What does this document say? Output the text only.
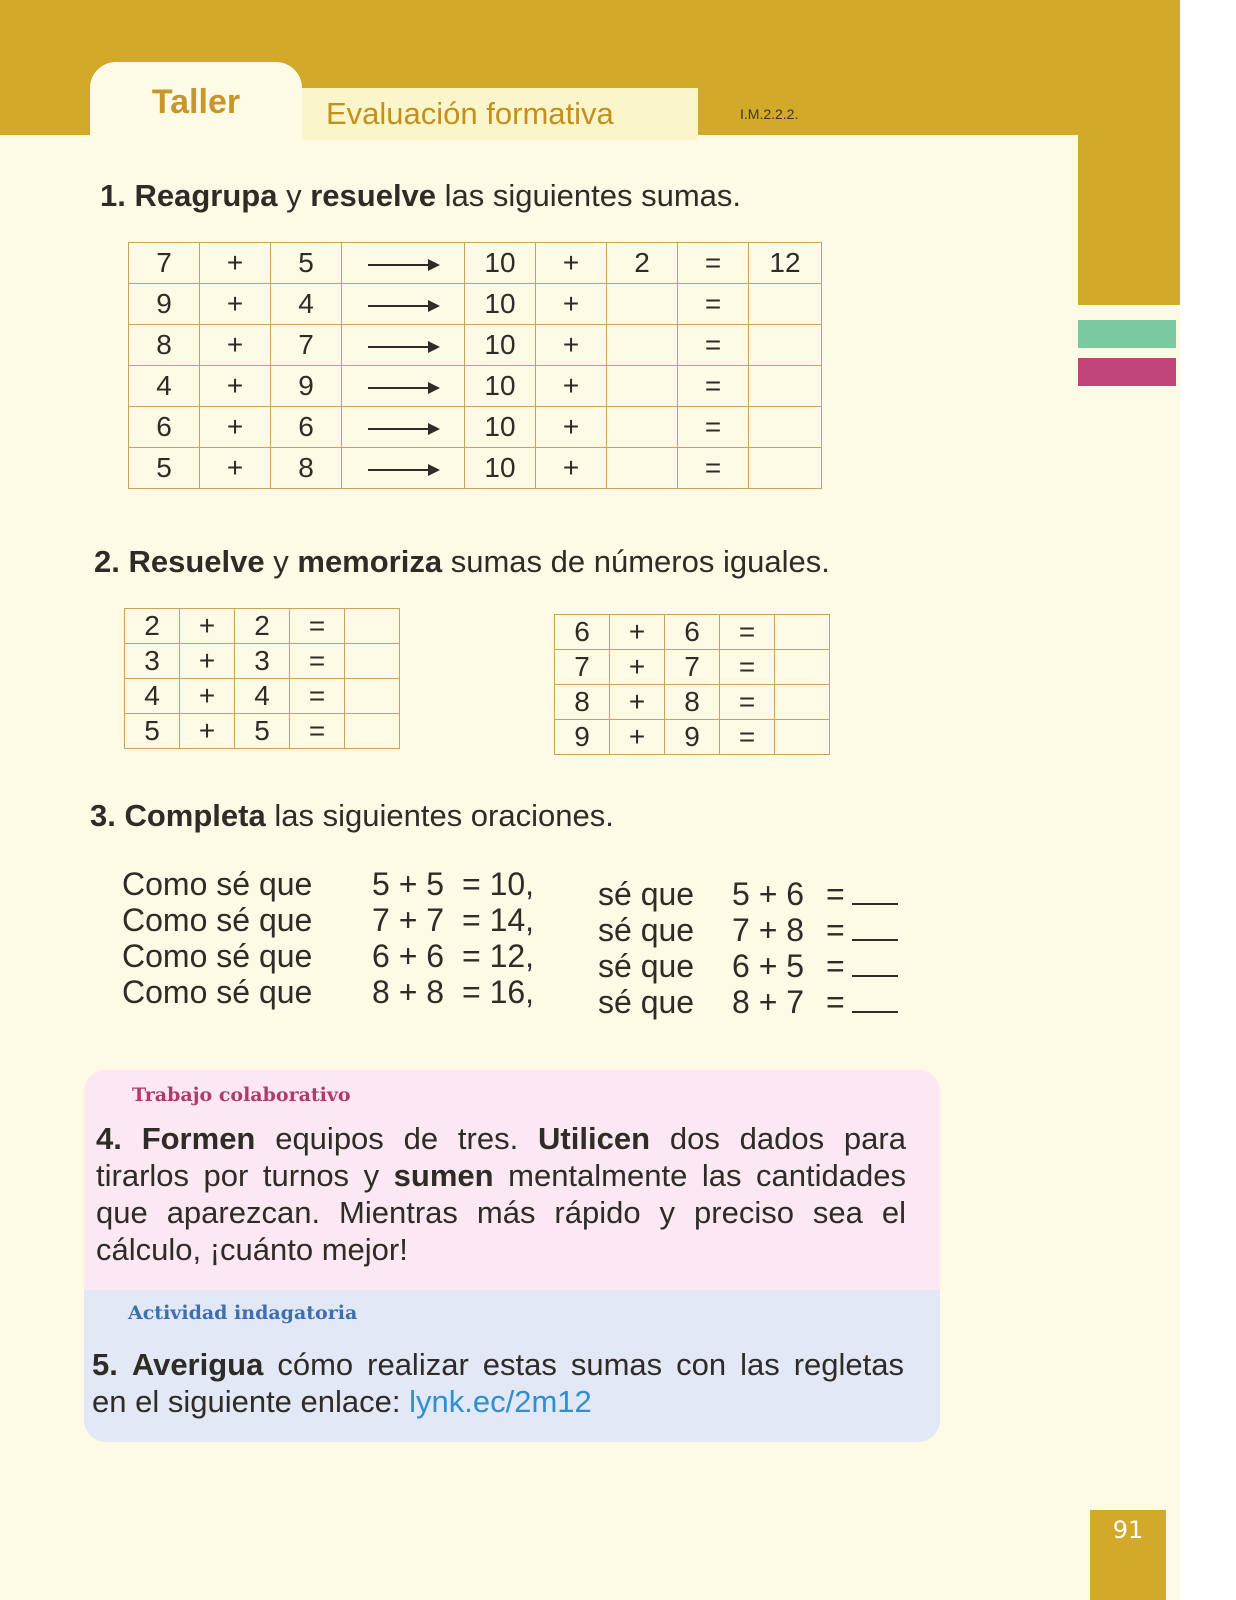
Taller	Evaluación formativa	I.M.2.2.2.
1. Reagrupa y resuelve las siguientes sumas.
7	+	5		10	+	2	=	12
9	+	4		10	+		=	
8	+	7		10	+		=	
4	+	9		10	+		=	
6	+	6		10	+		=	
5	+	8		10	+		=	
2. Resuelve y memoriza sumas de números iguales.
2	+	2	=	
3	+	3	=	
4	+	4	=	
5	+	5	=	
6	+	6	=	
7	+	7	=	
8	+	8	=	
9	+	9	=	
3. Completa las siguientes oraciones.
Como sé que 5 + 5 = 10, sé que 5 + 6 =
Como sé que 7 + 7 = 14, sé que 7 + 8 =
Como sé que 6 + 6 = 12, sé que 6 + 5 =
Como sé que 8 + 8 = 16, sé que 8 + 7 =
Trabajo colaborativo
4. Formen equipos de tres. Utilicen dos dados para tirarlos por turnos y sumen mentalmente las cantidades que aparezcan. Mientras más rápido y preciso sea el cálculo, ¡cuánto mejor!
Actividad indagatoria
5. Averigua cómo realizar estas sumas con las regletas en el siguiente enlace: lynk.ec/2m12
91
